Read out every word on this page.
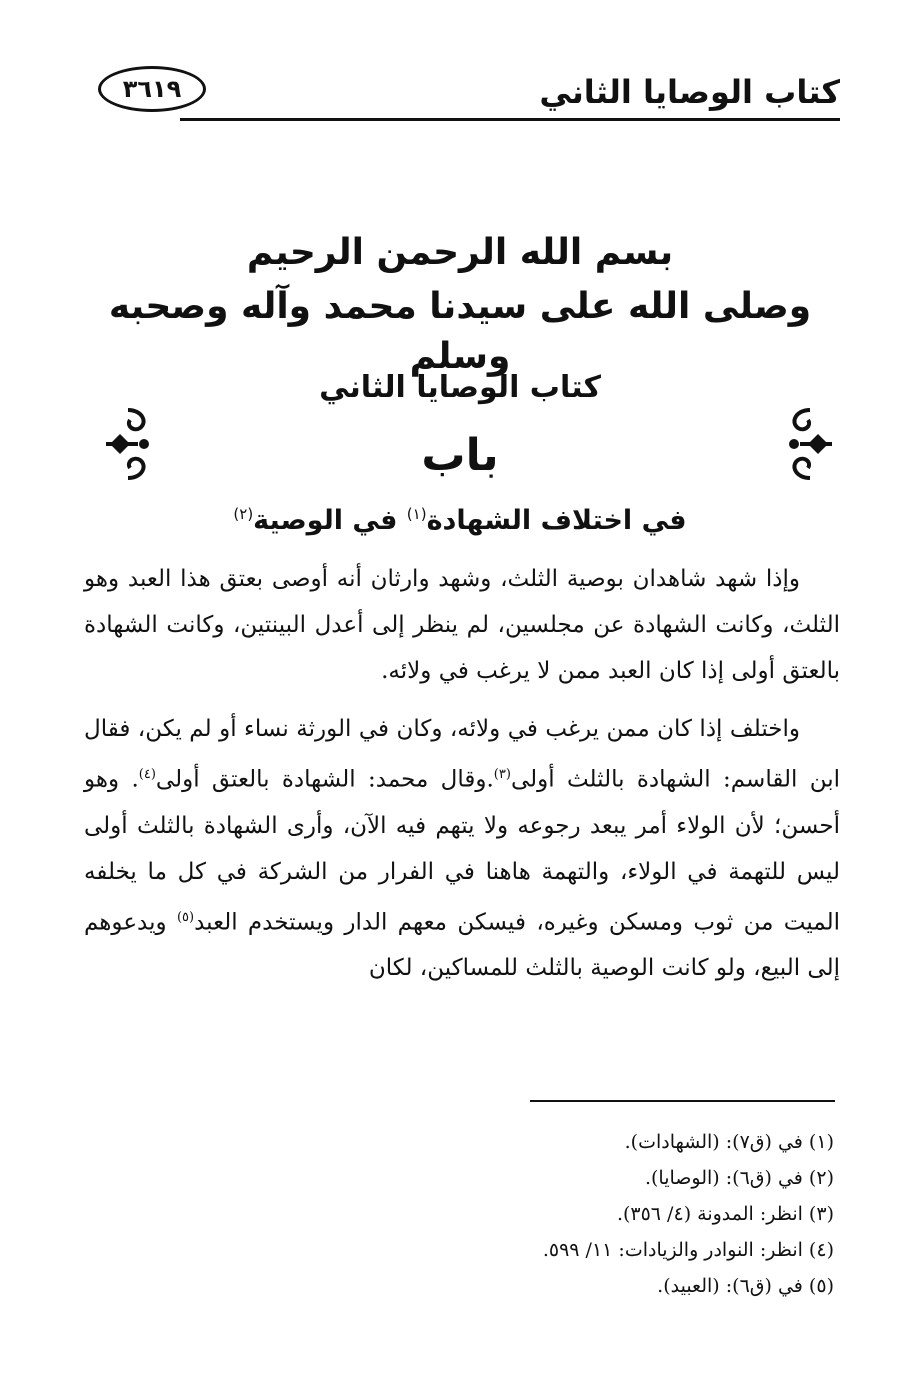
كتاب الوصايا الثاني
٣٦١٩
بسم الله الرحمن الرحيم
وصلى الله على سيدنا محمد وآله وصحبه وسلم
كتاب الوصايا الثاني
باب
في اختلاف الشهادة$^{(١)}$ في الوصية$^{(٢)}$

وإذا شهد شاهدان بوصية الثلث، وشهد وارثان أنه أوصى بعتق هذا العبد وهو الثلث، وكانت الشهادة عن مجلسين، لم ينظر إلى أعدل البينتين، وكانت الشهادة بالعتق أولى إذا كان العبد ممن لا يرغب في ولائه.

واختلف إذا كان ممن يرغب في ولائه، وكان في الورثة نساء أو لم يكن، فقال ابن القاسم: الشهادة بالثلث أولى$^{(٣)}$.وقال محمد: الشهادة بالعتق أولى$^{(٤)}$. وهو أحسن؛ لأن الولاء أمر يبعد رجوعه ولا يتهم فيه الآن، وأرى الشهادة بالثلث أولى ليس للتهمة في الولاء، والتهمة هاهنا في الفرار من الشركة في كل ما يخلفه الميت من ثوب ومسكن وغيره، فيسكن معهم الدار ويستخدم العبد$^{(٥)}$ ويدعوهم إلى البيع، ولو كانت الوصية بالثلث للمساكين، لكان

(١) في (ق٧): (الشهادات).

(٢) في (ق٦): (الوصايا).

(٣) انظر: المدونة (٤/ ٣٥٦).

(٤) انظر: النوادر والزيادات: ١١/ ٥٩٩.

(٥) في (ق٦): (العبيد).
